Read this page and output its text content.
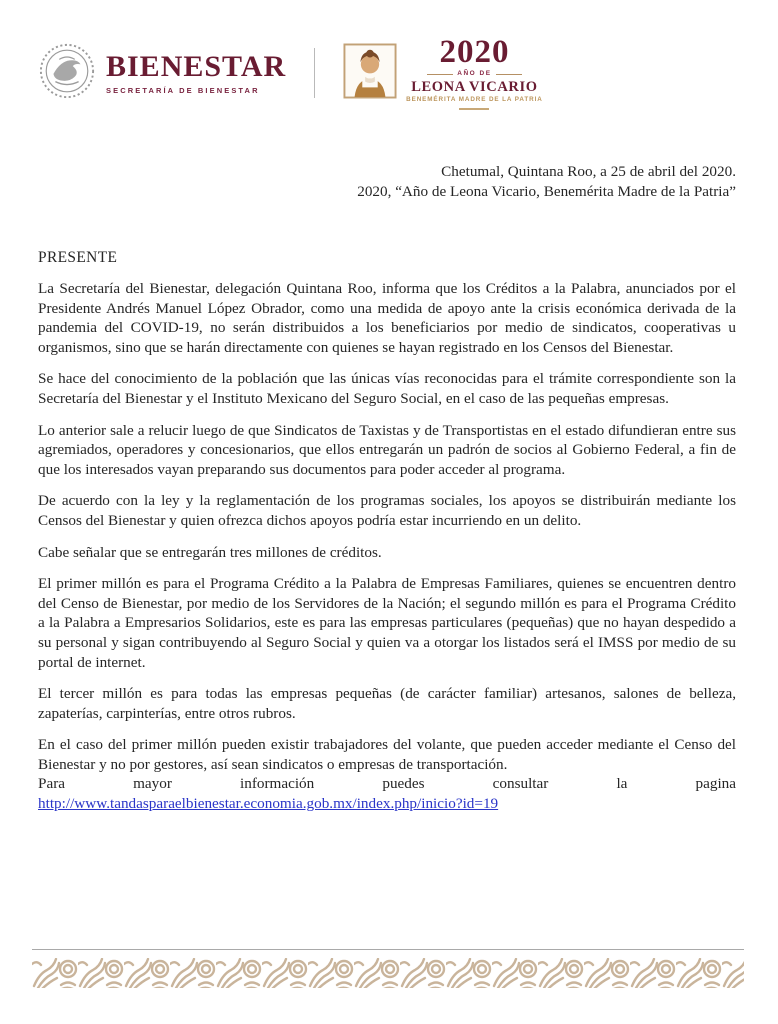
BIENESTAR
SECRETARÍA DE BIENESTAR
2020
AÑO DE
LEONA VICARIO
BENEMÉRITA MADRE DE LA PATRIA
Chetumal, Quintana Roo, a 25 de abril del 2020.
2020, “Año de Leona Vicario, Benemérita Madre de la Patria”
PRESENTE

La Secretaría del Bienestar, delegación Quintana Roo, informa que los Créditos a la Palabra, anunciados por el Presidente Andrés Manuel López Obrador, como una medida de apoyo ante la crisis económica derivada de la pandemia del COVID-19, no serán distribuidos a los beneficiarios por medio de sindicatos, cooperativas u organismos, sino que se harán directamente con quienes se hayan registrado en los Censos del Bienestar.

Se hace del conocimiento de la población que las únicas vías reconocidas para el trámite correspondiente son la Secretaría del Bienestar y el Instituto Mexicano del Seguro Social, en el caso de las pequeñas empresas.

Lo anterior sale a relucir luego de que Sindicatos de Taxistas y de Transportistas en el estado difundieran entre sus agremiados, operadores y concesionarios, que ellos entregarán un padrón de socios al Gobierno Federal, a fin de que los interesados vayan preparando sus documentos para poder acceder al programa.

De acuerdo con la ley y la reglamentación de los programas sociales, los apoyos se distribuirán mediante los Censos del Bienestar y quien ofrezca dichos apoyos podría estar incurriendo en un delito.

Cabe señalar que se entregarán tres millones de créditos.

El primer millón es para el Programa Crédito a la Palabra de Empresas Familiares, quienes se encuentren dentro del Censo de Bienestar, por medio de los Servidores de la Nación; el segundo millón es para el Programa Crédito a la Palabra a Empresarios Solidarios, este es para las empresas particulares (pequeñas) que no hayan despedido a su personal y sigan contribuyendo al Seguro Social y quien va a otorgar los listados será el IMSS por medio de su portal de internet.

El tercer millón es para todas las empresas pequeñas (de carácter familiar) artesanos, salones de belleza, zapaterías, carpinterías, entre otros rubros.

En el caso del primer millón pueden existir trabajadores del volante, que pueden acceder mediante el Censo del Bienestar y no por gestores, así sean sindicatos o empresas de transportación.

Para mayor información puedes consultar la pagina

http://www.tandasparaelbienestar.economia.gob.mx/index.php/inicio?id=19
